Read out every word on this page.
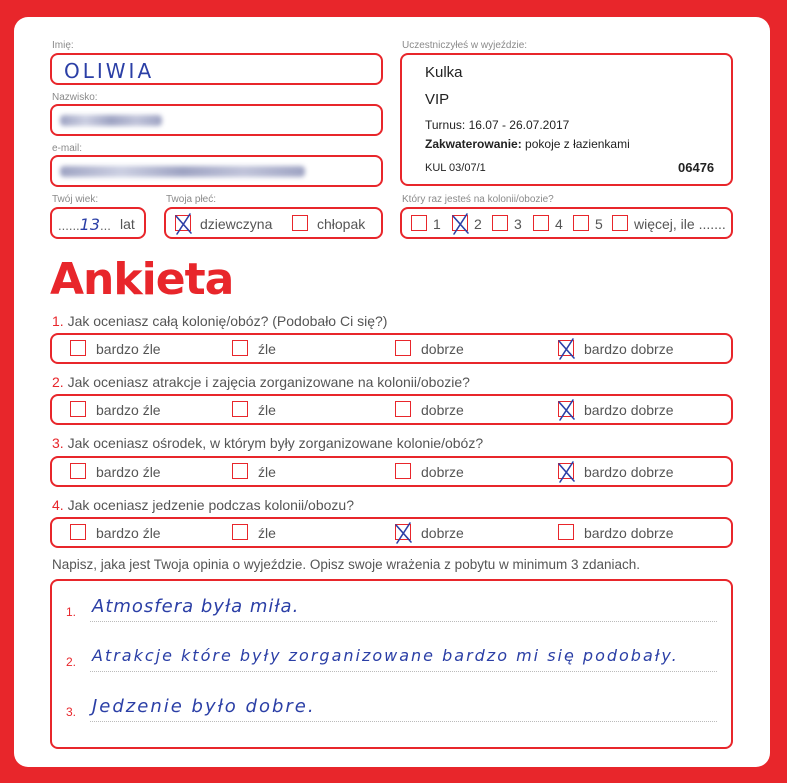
Imię:
OLIWIA
Nazwisko:
e-mail:
Twój wiek:
......13... lat
Twoja płeć:
dziewczyna	chłopak
Uczestniczyłeś w wyjeździe:
Kulka
VIP
Turnus: 16.07 - 26.07.2017
Zakwaterowanie: pokoje z łazienkami
KUL 03/07/1	06476
Który raz jesteś na kolonii/obozie?
1 2 3 4 5 więcej, ile .......
Ankieta
1. Jak oceniasz całą kolonię/obóz? (Podobało Ci się?)
bardzo źle	źle	dobrze	bardzo dobrze
2. Jak oceniasz atrakcje i zajęcia zorganizowane na kolonii/obozie?
bardzo źle	źle	dobrze	bardzo dobrze
3. Jak oceniasz ośrodek, w którym były zorganizowane kolonie/obóz?
bardzo źle	źle	dobrze	bardzo dobrze
4. Jak oceniasz jedzenie podczas kolonii/obozu?
bardzo źle	źle	dobrze	bardzo dobrze
Napisz, jaka jest Twoja opinia o wyjeździe. Opisz swoje wrażenia z pobytu w minimum 3 zdaniach.
1. Atmosfera była miła.
2. Atrakcje które były zorganizowane bardzo mi się podobały.
3. Jedzenie było dobre.
